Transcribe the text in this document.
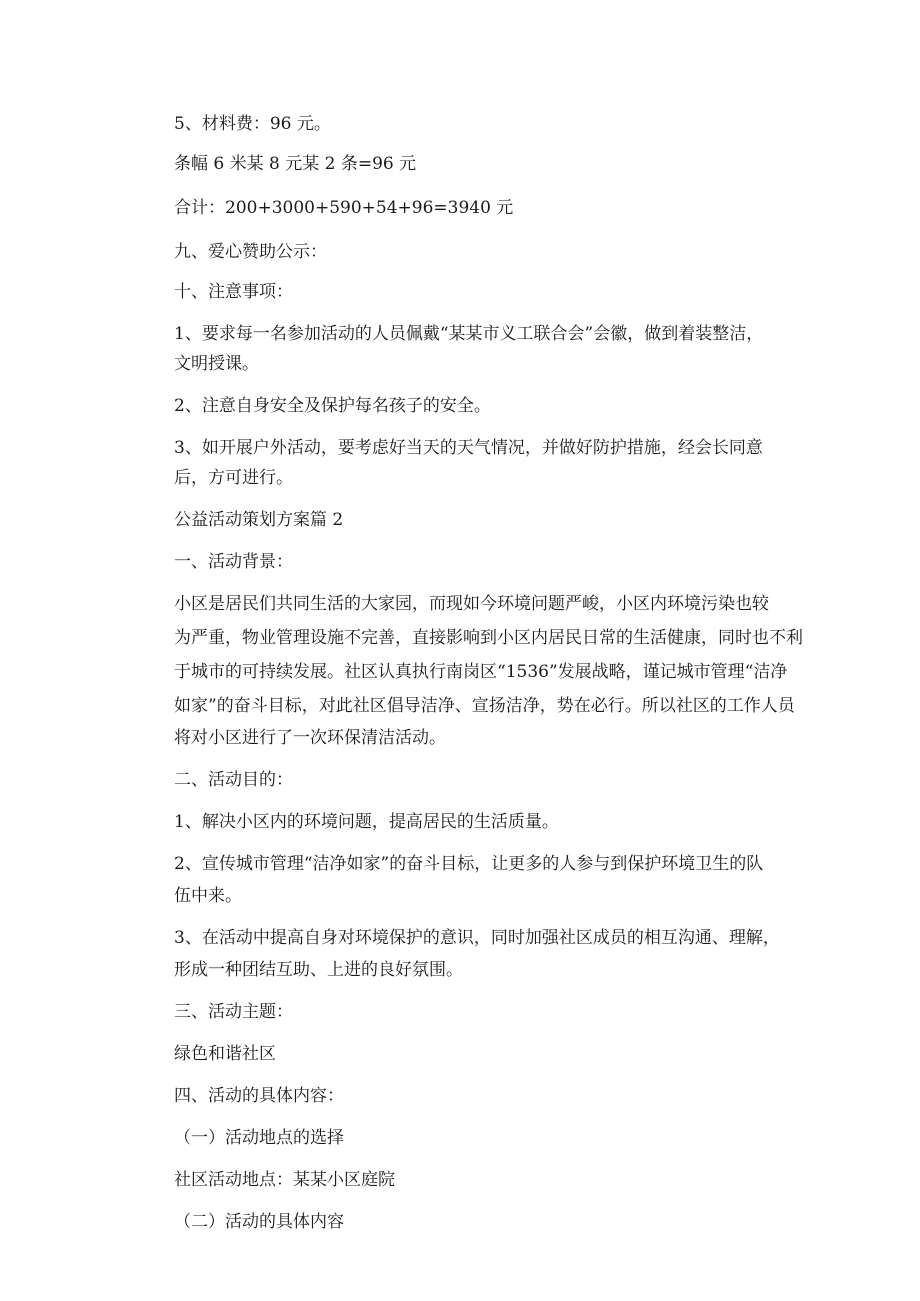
5、材料费：96 元。
条幅 6 米某 8 元某 2 条=96 元
合计：200+3000+590+54+96=3940 元
九、爱心赞助公示：
十、注意事项：
1、要求每一名参加活动的人员佩戴“某某市义工联合会”会徽，做到着装整洁，
文明授课。
2、注意自身安全及保护每名孩子的安全。
3、如开展户外活动，要考虑好当天的天气情况，并做好防护措施，经会长同意
后，方可进行。
公益活动策划方案篇 2
一、活动背景：
小区是居民们共同生活的大家园，而现如今环境问题严峻，小区内环境污染也较
为严重，物业管理设施不完善，直接影响到小区内居民日常的生活健康，同时也不利
于城市的可持续发展。社区认真执行南岗区“1536”发展战略，谨记城市管理“洁净
如家”的奋斗目标，对此社区倡导洁净、宣扬洁净，势在必行。所以社区的工作人员
将对小区进行了一次环保清洁活动。
二、活动目的：
1、解决小区内的环境问题，提高居民的生活质量。
2、宣传城市管理“洁净如家”的奋斗目标，让更多的人参与到保护环境卫生的队
伍中来。
3、在活动中提高自身对环境保护的意识，同时加强社区成员的相互沟通、理解，
形成一种团结互助、上进的良好氛围。
三、活动主题：
绿色和谐社区
四、活动的具体内容：
（一）活动地点的选择
社区活动地点：某某小区庭院
（二）活动的具体内容
